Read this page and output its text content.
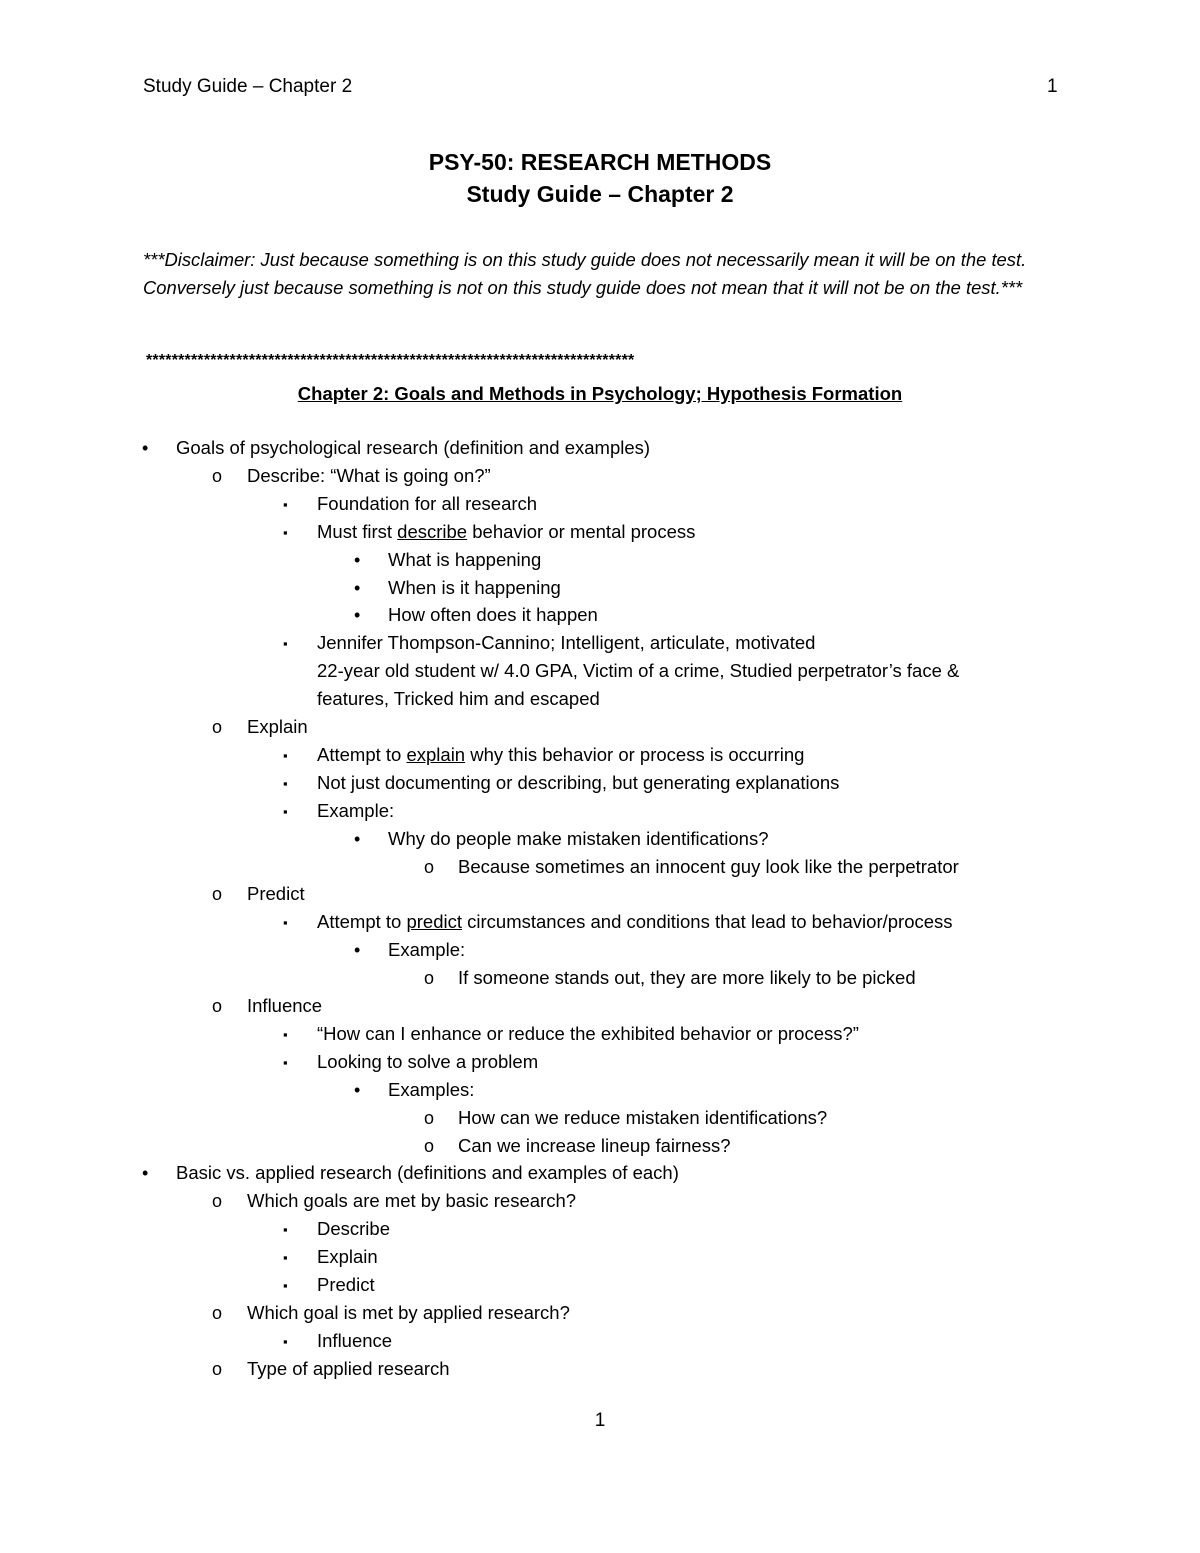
Study Guide – Chapter 2	1
PSY-50: RESEARCH METHODS
Study Guide – Chapter 2
***Disclaimer: Just because something is on this study guide does not necessarily mean it will be on the test. Conversely just because something is not on this study guide does not mean that it will not be on the test.***
****************************************************************************
Chapter 2: Goals and Methods in Psychology; Hypothesis Formation
• Goals of psychological research (definition and examples)
o Describe: “What is going on?”
▪ Foundation for all research
▪ Must first describe behavior or mental process
• What is happening
• When is it happening
• How often does it happen
▪ Jennifer Thompson-Cannino; Intelligent, articulate, motivated
22-year old student w/ 4.0 GPA, Victim of a crime, Studied perpetrator’s face &
features, Tricked him and escaped
o Explain
▪ Attempt to explain why this behavior or process is occurring
▪ Not just documenting or describing, but generating explanations
▪ Example:
• Why do people make mistaken identifications?
o Because sometimes an innocent guy look like the perpetrator
o Predict
▪ Attempt to predict circumstances and conditions that lead to behavior/process
• Example:
o If someone stands out, they are more likely to be picked
o Influence
▪ “How can I enhance or reduce the exhibited behavior or process?”
▪ Looking to solve a problem
• Examples:
o How can we reduce mistaken identifications?
o Can we increase lineup fairness?
• Basic vs. applied research (definitions and examples of each)
o Which goals are met by basic research?
▪ Describe
▪ Explain
▪ Predict
o Which goal is met by applied research?
▪ Influence
o Type of applied research
1
